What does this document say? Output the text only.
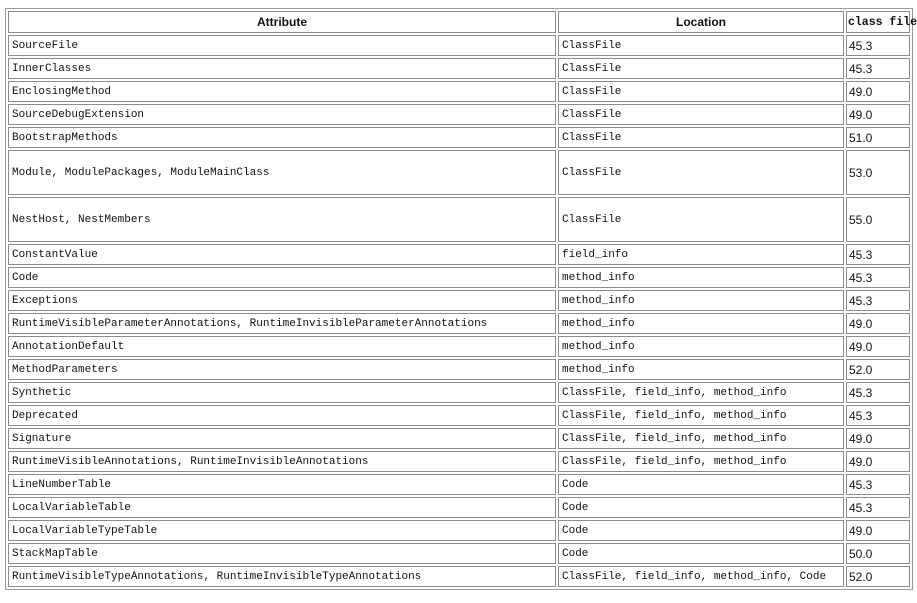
Attribute	Location	class file
SourceFile	ClassFile	45.3
InnerClasses	ClassFile	45.3
EnclosingMethod	ClassFile	49.0
SourceDebugExtension	ClassFile	49.0
BootstrapMethods	ClassFile	51.0
Module, ModulePackages, ModuleMainClass	ClassFile	53.0
NestHost, NestMembers	ClassFile	55.0
ConstantValue	field_info	45.3
Code	method_info	45.3
Exceptions	method_info	45.3
RuntimeVisibleParameterAnnotations, RuntimeInvisibleParameterAnnotations	method_info	49.0
AnnotationDefault	method_info	49.0
MethodParameters	method_info	52.0
Synthetic	ClassFile, field_info, method_info	45.3
Deprecated	ClassFile, field_info, method_info	45.3
Signature	ClassFile, field_info, method_info	49.0
RuntimeVisibleAnnotations, RuntimeInvisibleAnnotations	ClassFile, field_info, method_info	49.0
LineNumberTable	Code	45.3
LocalVariableTable	Code	45.3
LocalVariableTypeTable	Code	49.0
StackMapTable	Code	50.0
RuntimeVisibleTypeAnnotations, RuntimeInvisibleTypeAnnotations	ClassFile, field_info, method_info, Code	52.0
